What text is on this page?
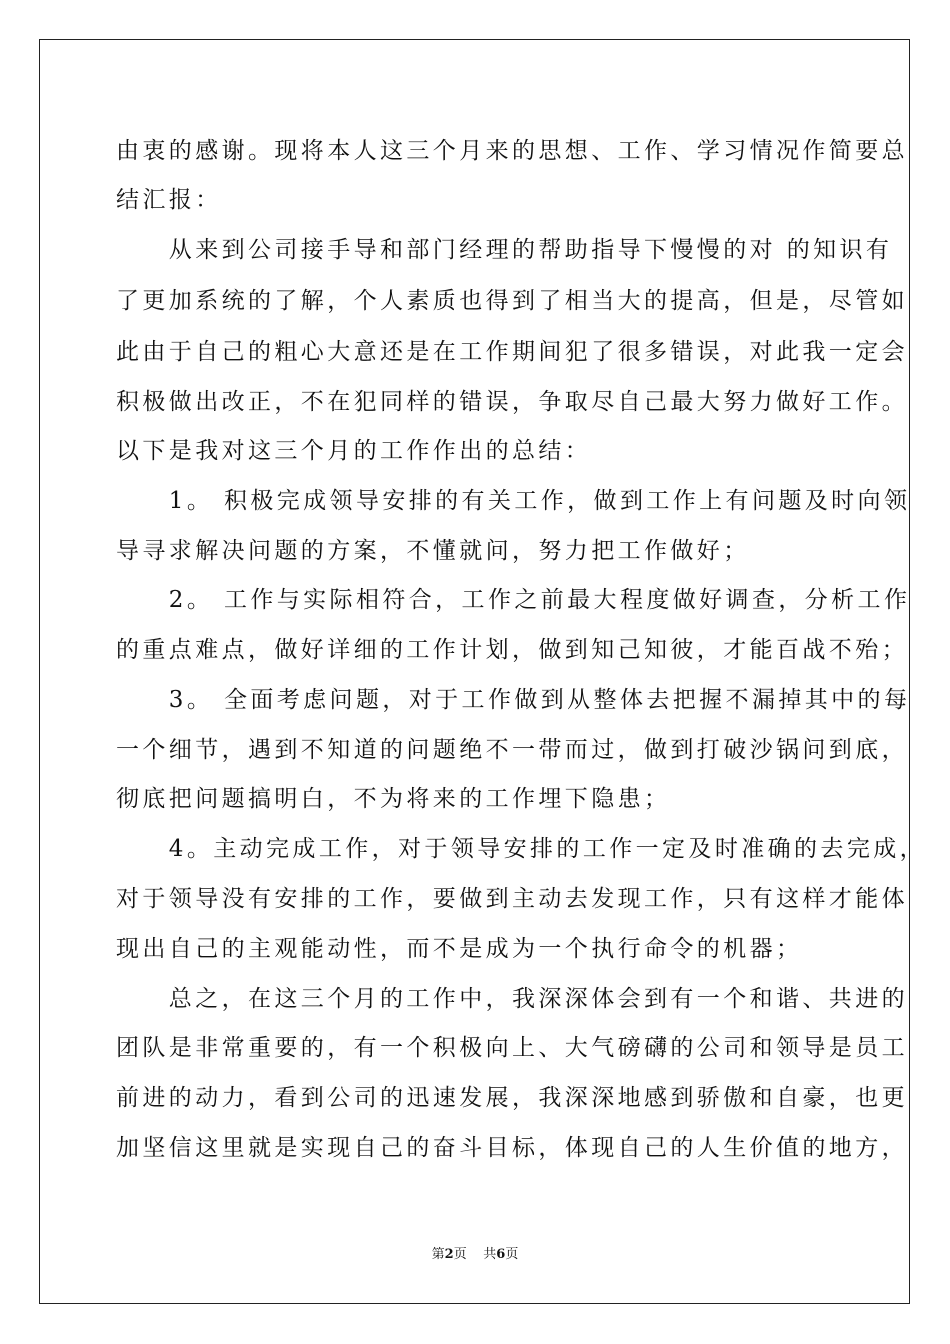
由衷的感谢。现将本人这三个月来的思想、工作、学习情况作简要总

结汇报：

　　从来到公司接手导和部门经理的帮助指导下慢慢的对 的知识有

了更加系统的了解，个人素质也得到了相当大的提高，但是，尽管如

此由于自己的粗心大意还是在工作期间犯了很多错误，对此我一定会

积极做出改正，不在犯同样的错误，争取尽自己最大努力做好工作。

以下是我对这三个月的工作作出的总结：

　　1。 积极完成领导安排的有关工作，做到工作上有问题及时向领

导寻求解决问题的方案，不懂就问，努力把工作做好；

　　2。 工作与实际相符合，工作之前最大程度做好调查，分析工作

的重点难点，做好详细的工作计划，做到知己知彼，才能百战不殆；

　　3。 全面考虑问题，对于工作做到从整体去把握不漏掉其中的每

一个细节，遇到不知道的问题绝不一带而过，做到打破沙锅问到底，

彻底把问题搞明白，不为将来的工作埋下隐患；

　　4。主动完成工作，对于领导安排的工作一定及时准确的去完成，

对于领导没有安排的工作，要做到主动去发现工作，只有这样才能体

现出自己的主观能动性，而不是成为一个执行命令的机器；

　　总之，在这三个月的工作中，我深深体会到有一个和谐、共进的

团队是非常重要的，有一个积极向上、大气磅礴的公司和领导是员工

前进的动力，看到公司的迅速发展，我深深地感到骄傲和自豪，也更

加坚信这里就是实现自己的奋斗目标，体现自己的人生价值的地方，

第2页 共6页
